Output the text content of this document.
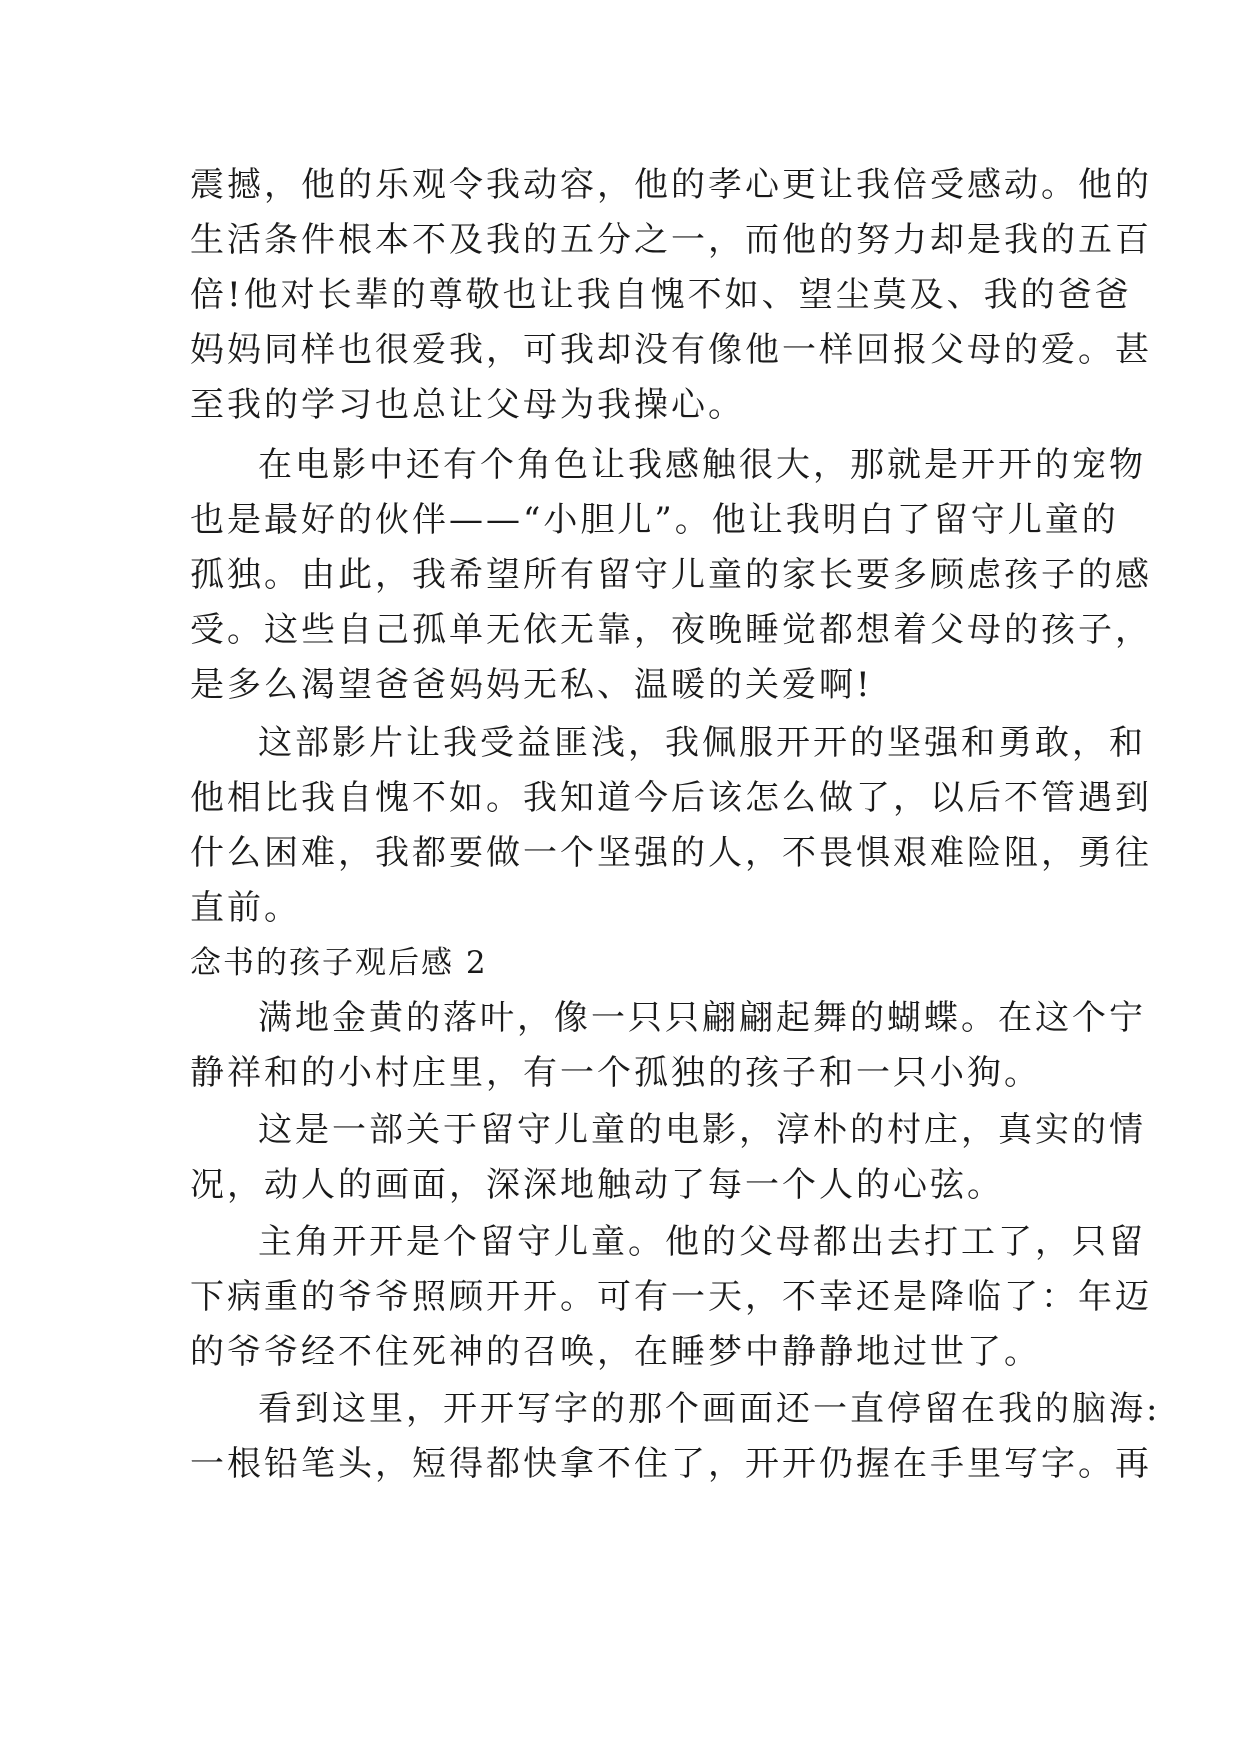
震撼，他的乐观令我动容，他的孝心更让我倍受感动。他的
生活条件根本不及我的五分之一，而他的努力却是我的五百
倍!他对长辈的尊敬也让我自愧不如、望尘莫及、我的爸爸
妈妈同样也很爱我，可我却没有像他一样回报父母的爱。甚
至我的学习也总让父母为我操心。
在电影中还有个角色让我感触很大，那就是开开的宠物
也是最好的伙伴——“小胆儿”。他让我明白了留守儿童的
孤独。由此，我希望所有留守儿童的家长要多顾虑孩子的感
受。这些自己孤单无依无靠，夜晚睡觉都想着父母的孩子，
是多么渴望爸爸妈妈无私、温暖的关爱啊!
这部影片让我受益匪浅，我佩服开开的坚强和勇敢，和
他相比我自愧不如。我知道今后该怎么做了，以后不管遇到
什么困难，我都要做一个坚强的人，不畏惧艰难险阻，勇往
直前。
念书的孩子观后感 2
满地金黄的落叶，像一只只翩翩起舞的蝴蝶。在这个宁
静祥和的小村庄里，有一个孤独的孩子和一只小狗。
这是一部关于留守儿童的电影，淳朴的村庄，真实的情
况，动人的画面，深深地触动了每一个人的心弦。
主角开开是个留守儿童。他的父母都出去打工了，只留
下病重的爷爷照顾开开。可有一天，不幸还是降临了：年迈
的爷爷经不住死神的召唤，在睡梦中静静地过世了。
看到这里，开开写字的那个画面还一直停留在我的脑海:
一根铅笔头，短得都快拿不住了，开开仍握在手里写字。再
